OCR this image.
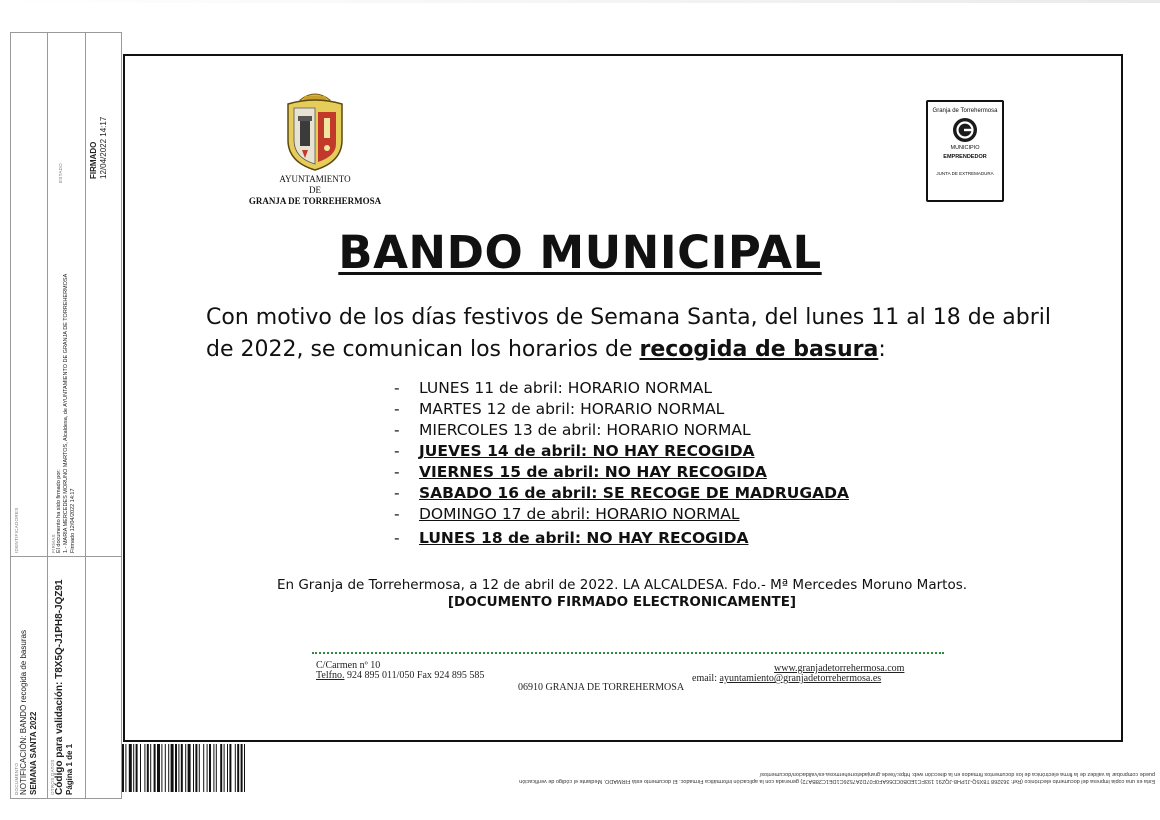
DOCUMENTO NOTIFICACIÓN: BANDO recogida de basuras SEMANA SANTA 2022	OTROS DATOS Código para validación: T8X5Q-J1PH8-JQZ91 Página 1 de 1
IDENTIFICADORES	FIRMAS El documento ha sido firmado por: 1.- MARIA MERCEDES MORUNO MARTOS, Alcaldesa, de AYUNTAMIENTO DE GRANJA DE TORREHERMOSA Firmado 12/04/2022 14:17
ESTADO	FIRMADO 12/04/2022 14:17	AYUNTAMIENTO
DE
GRANJA DE TORREHERMOSA
Granja de Torrehermosa
MUNICIPIO
EMPRENDEDOR
JUNTA DE EXTREMADURA
BANDO MUNICIPAL
Con motivo de los días festivos de Semana Santa, del lunes 11 al 18 de abril de 2022, se comunican los horarios de recogida de basura:
-	LUNES 11 de abril: HORARIO NORMAL
-	MARTES 12 de abril: HORARIO NORMAL
-	MIERCOLES 13 de abril: HORARIO NORMAL
-	JUEVES 14 de abril: NO HAY RECOGIDA
-	VIERNES 15 de abril: NO HAY RECOGIDA
-	SABADO 16 de abril: SE RECOGE DE MADRUGADA
-	DOMINGO 17 de abril: HORARIO NORMAL
-	LUNES 18 de abril: NO HAY RECOGIDA
En Granja de Torrehermosa, a 12 de abril de 2022. LA ALCALDESA. Fdo.- Mª Mercedes Moruno Martos.
[DOCUMENTO FIRMADO ELECTRONICAMENTE]
C/Carmen nº 10
Telfno. 924 895 011/050 Fax 924 895 585
www.granjadetorrehermosa.com
email: ayuntamiento@granjadetorrehermosa.es
06910 GRANJA DE TORREHERMOSA
Esta es una copia impresa del documento electrónico (Ref: 363268 T8X5Q-J1PH8-JQZ91 193FC1EDB0CD56AF0F07D2A7526C1DE1C28BA72) generada con la aplicación informática Firmadoc. El documento está FIRMADO. Mediante el código de verificación
puede comprobar la validez de la firma electrónica de los documentos firmados en la dirección web: https://sede.granjadetorrehermosa.es/validacion/documentos/
